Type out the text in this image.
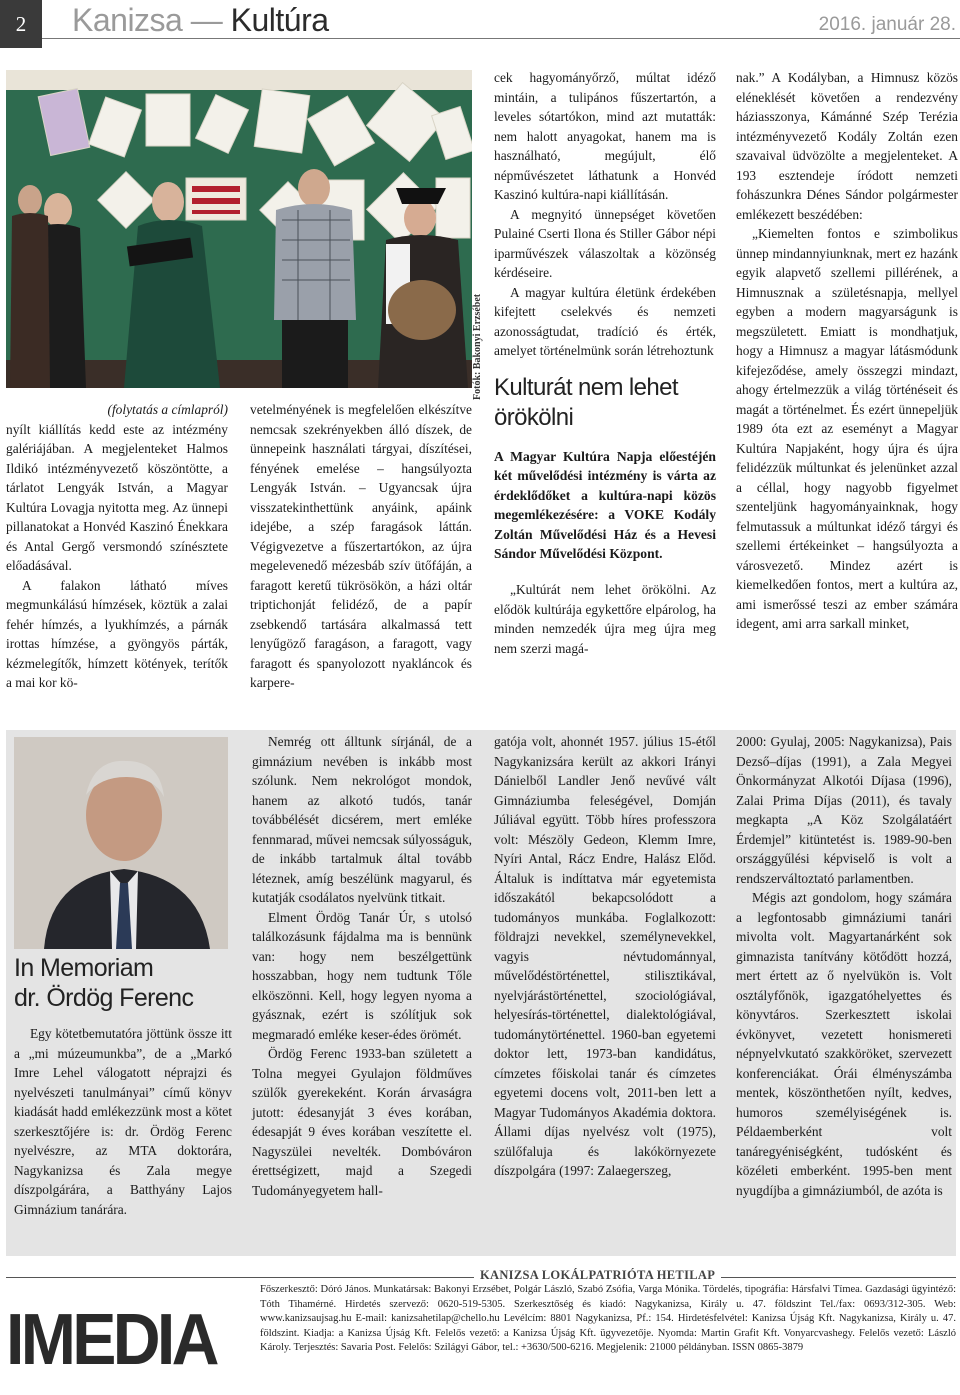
2	Kanizsa — Kultúra	2016. január 28.
Fotók: Bakonyi Erzsébet

(folytatás a címlapról)

nyílt kiállítás kedd este az intézmény galériájában. A megjelenteket Halmos Ildikó intézményvezető köszöntötte, a tárlatot Lengyák István, a Magyar Kultúra Lovagja nyitotta meg. Az ünnepi pillanatokat a Honvéd Kaszinó Énekkara és Antal Gergő versmondó színésztete előadásával.

A falakon látható míves megmunkálású hímzések, köztük a zalai fehér hímzés, a lyukhímzés, a párnák irottas hímzése, a gyöngyös párták, kézmelegítők, hímzett kötények, terítők a mai kor kö-

vetelményének is megfelelően elkészítve nemcsak szekrényekben álló díszek, de ünnepeink használati tárgyai, díszítései, fényének emelése – hangsúlyozta Lengyák István. – Ugyancsak újra visszatekinthettünk anyáink, apáink idejébe, a szép faragások láttán. Végigvezetve a fűszertartókon, az újra megelevenedő mézesbáb szív ütőfáján, a faragott keretű tükrösökön, a házi oltár triptichonját felidéző, de a papír zsebkendő tartására alkalmassá tett lenyűgöző faragáson, a faragott, vagy faragott és spanyolozott nyakláncok és karpere-

cek hagyományőrző, múltat idéző mintáin, a tulipános fűszertartón, a leveles sótartókon, mind azt mutatták: nem halott anyagokat, hanem ma is használható, megújult, élő népművészetet láthatunk a Honvéd Kaszinó kultúra-napi kiállításán.

A megnyitó ünnepséget követően Pulainé Cserti Ilona és Stiller Gábor népi iparművészek válaszoltak a közönség kérdéseire.

A magyar kultúra életünk érdekében kifejtett cselekvés és nemzeti azonosságtudat, tradíció és érték, amelyet történelmünk során létrehoztunk

Kulturát nem lehet
örökölni
A Magyar Kultúra Napja előestéjén két művelődési intézmény is várta az érdeklődőket a kultúra-napi közös megemlékezésére: a VOKE Kodály Zoltán Művelődési Ház és a Hevesi Sándor Művelődési Központ.

„Kultúrát nem lehet örökölni. Az elődök kultúrája egykettőre elpárolog, ha minden nemzedék újra meg újra meg nem szerzi magá-

nak.” A Kodályban, a Himnusz közös eléneklését követően a rendezvény háziasszonya, Kámánné Szép Terézia intézményvezető Kodály Zoltán ezen szavaival üdvözölte a megjelenteket. A 193 esztendeje íródott nemzeti fohászunkra Dénes Sándor polgármester emlékezett beszédében:

„Kiemelten fontos e szimbolikus ünnep mindannyiunknak, mert ez hazánk egyik alapvető szellemi pillérének, a Himnusznak a születésnapja, mellyel egyben a modern magyarságunk is megszületett. Emiatt is mondhatjuk, hogy a Himnusz a magyar látásmódunk kifejeződése, amely összegzi mindazt, ahogy értelmezzük a világ történéseit és magát a történelmet. És ezért ünnepeljük 1989 óta ezt az eseményt a Magyar Kultúra Napjaként, hogy újra és újra felidézzük múltunkat és jelenünket azzal a céllal, hogy nagyobb figyelmet szenteljünk hagyományainknak, hogy felmutassuk a múltunkat idéző tárgyi és szellemi értékeinket – hangsúlyozta a városvezető. Mindez azért is kiemelkedően fontos, mert a kultúra az, ami ismerőssé teszi az ember számára idegent, ami arra sarkall minket,

In Memoriam
dr. Ördög Ferenc

Egy kötetbemutatóra jöttünk össze itt a „mi múzeumunkba”, de a „Markó Imre Lehel válogatott néprajzi és nyelvészeti tanulmányai” című könyv kiadását hadd emlékezzünk most a kötet szerkesztőjére is: dr. Ördög Ferenc nyelvészre, az MTA doktorára, Nagykanizsa és Zala megye díszpolgárára, a Batthyány Lajos Gimnázium tanárára.

Nemrég ott álltunk sírjánál, de a gimnázium nevében is inkább most szólunk. Nem nekrológot mondok, hanem az alkotó tudós, tanár továbbélését dicsérem, mert emléke fennmarad, művei nemcsak súlyosságuk, de inkább tartalmuk által tovább léteznek, amíg beszélünk magyarul, és kutatják csodálatos nyelvünk titkait.

Elment Ördög Tanár Úr, s utolsó találkozásunk fájdalma ma is bennünk van: hogy nem beszélgettünk hosszabban, hogy nem tudtunk Tőle elköszönni. Kell, hogy legyen nyoma a gyásznak, ezért is szólítjuk sok megmaradó emléke keser-édes örömét.

Ördög Ferenc 1933-ban született a Tolna megyei Gyulajon földműves szülők gyerekeként. Korán árvaságra jutott: édesanyját 3 éves korában, édesapját 9 éves korában veszítette el. Nagyszülei nevelték. Dombóváron érettségizett, majd a Szegedi Tudományegyetem hall-

gatója volt, ahonnét 1957. július 15-étől Nagykanizsára került az akkori Irányi Dánielből Landler Jenő nevűvé vált Gimnáziumba feleségével, Domján Júliával együtt. Több híres professzora volt: Mészöly Gedeon, Klemm Imre, Nyíri Antal, Rácz Endre, Halász Előd. Általuk is indíttatva már egyetemista időszakától bekapcsolódott a tudományos munkába. Foglalkozott: földrajzi nevekkel, személynevekkel, vagyis névtudománnyal, művelődéstörténettel, stilisztikával, nyelvjárástörténettel, szociológiával, helyesírás-történettel, dialektológiával, tudománytörténettel. 1960-ban egyetemi doktor lett, 1973-ban kandidátus, címzetes főiskolai tanár és címzetes egyetemi docens volt, 2011-ben lett a Magyar Tudományos Akadémia doktora. Állami díjas nyelvész volt (1975), szülőfaluja és lakókörnyezete díszpolgára (1997: Zalaegerszeg,

2000: Gyulaj, 2005: Nagykanizsa), Pais Dezső–díjas (1991), a Zala Megyei Önkormányzat Alkotói Díjasa (1996), Zalai Prima Díjas (2011), és tavaly megkapta „A Köz Szolgálatáért Érdemjel” kitüntetést is. 1989-90-ben országgyűlési képviselő is volt a rendszerváltoztató parlamentben.

Mégis azt gondolom, hogy számára a legfontosabb gimnáziumi tanári mivolta volt. Magyartanárként sok gimnazista tanítvány kötődött hozzá, mert értett az ő nyelvükön is. Volt osztályfőnök, igazgatóhelyettes és könyvtáros. Szerkesztett iskolai évkönyvet, vezetett honismereti népnyelvkutató szakköröket, szervezett konferenciákat. Órái élményszámba mentek, köszönthetően nyílt, kedves, humoros személyiségének is. Példaemberként volt tanáregyéniségként, tudósként és közéleti emberként. 1995-ben ment nyugdíjba a gimnáziumból, de azóta is

KANIZSA LOKÁLPATRIÓTA HETILAP
IMEDIA
Főszerkesztő: Dóró János. Munkatársak: Bakonyi Erzsébet, Polgár László, Szabó Zsófia, Varga Mónika. Tördelés, tipográfia: Hársfalvi Tímea. Gazdasági ügyintéző: Tóth Tihamérné. Hirdetés szervező: 0620-519-5305. Szerkesztőség és kiadó: Nagykanizsa, Király u. 47. földszint Tel./fax: 0693/312-305. Web: www.kanizsaujsag.hu E-mail: kanizsahetilap@chello.hu Levélcím: 8801 Nagykanizsa, Pf.: 154. Hirdetésfelvétel: Kanizsa Újság Kft. Nagykanizsa, Király u. 47. földszint. Kiadja: a Kanizsa Újság Kft. Felelős vezető: a Kanizsa Újság Kft. ügyvezetője. Nyomda: Martin Grafit Kft. Vonyarcvashegy. Felelős vezető: László Károly. Terjesztés: Savaria Post. Felelős: Szilágyi Gábor, tel.: +3630/500-6216. Megjelenik: 21000 példányban. ISSN 0865-3879
